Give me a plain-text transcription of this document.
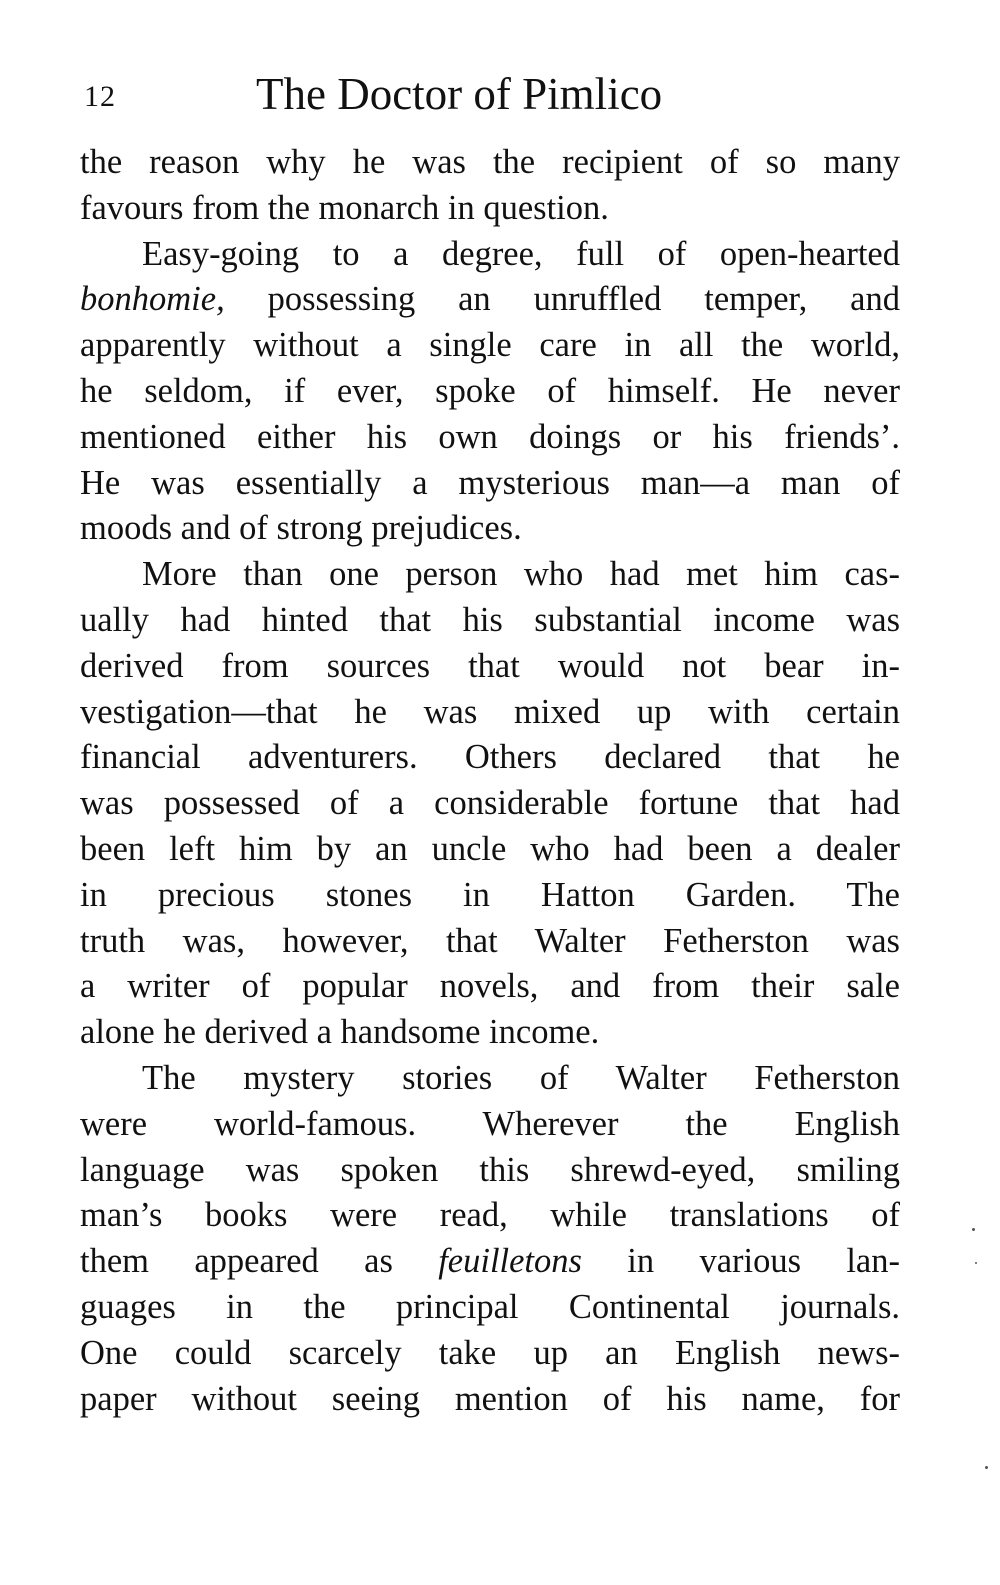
12	The Doctor of Pimlico
the reason why he was the recipient of so many
favours from the monarch in question.
Easy-going to a degree, full of open-hearted
bonhomie, possessing an unruffled temper, and
apparently without a single care in all the world,
he seldom, if ever, spoke of himself. He never
mentioned either his own doings or his friends’.
He was essentially a mysterious man—a man of
moods and of strong prejudices.
More than one person who had met him cas-
ually had hinted that his substantial income was
derived from sources that would not bear in-
vestigation—that he was mixed up with certain
financial adventurers. Others declared that he
was possessed of a considerable fortune that had
been left him by an uncle who had been a dealer
in precious stones in Hatton Garden. The
truth was, however, that Walter Fetherston was
a writer of popular novels, and from their sale
alone he derived a handsome income.
The mystery stories of Walter Fetherston
were world-famous. Wherever the English
language was spoken this shrewd-eyed, smiling
man’s books were read, while translations of
them appeared as feuilletons in various lan-
guages in the principal Continental journals.
One could scarcely take up an English news-
paper without seeing mention of his name, for
